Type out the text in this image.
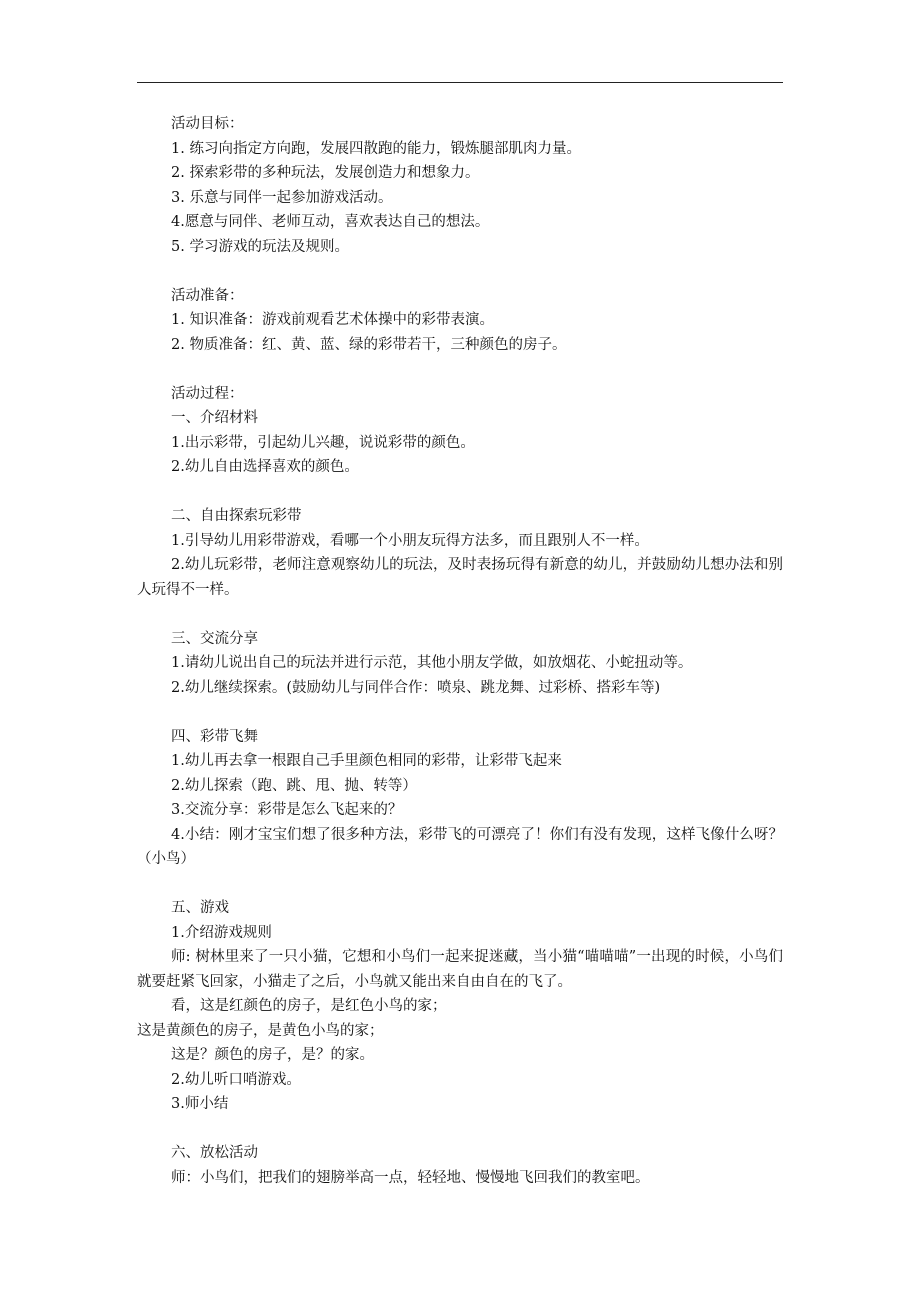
活动目标：
1. 练习向指定方向跑，发展四散跑的能力，锻炼腿部肌肉力量。
2. 探索彩带的多种玩法，发展创造力和想象力。
3. 乐意与同伴一起参加游戏活动。
4.愿意与同伴、老师互动，喜欢表达自己的想法。
5. 学习游戏的玩法及规则。
活动准备：
1. 知识准备：游戏前观看艺术体操中的彩带表演。
2. 物质准备：红、黄、蓝、绿的彩带若干，三种颜色的房子。
活动过程：
一、介绍材料
1.出示彩带，引起幼儿兴趣，说说彩带的颜色。
2.幼儿自由选择喜欢的颜色。
二、自由探索玩彩带
1.引导幼儿用彩带游戏，看哪一个小朋友玩得方法多，而且跟别人不一样。
2.幼儿玩彩带，老师注意观察幼儿的玩法，及时表扬玩得有新意的幼儿，并鼓励幼儿想办法和别人玩得不一样。
三、交流分享
1.请幼儿说出自己的玩法并进行示范，其他小朋友学做，如放烟花、小蛇扭动等。
2.幼儿继续探索。(鼓励幼儿与同伴合作：喷泉、跳龙舞、过彩桥、搭彩车等)
四、彩带飞舞
1.幼儿再去拿一根跟自己手里颜色相同的彩带，让彩带飞起来
2.幼儿探索（跑、跳、甩、抛、转等）
3.交流分享：彩带是怎么飞起来的？
4.小结：刚才宝宝们想了很多种方法，彩带飞的可漂亮了！你们有没有发现，这样飞像什么呀？（小鸟）
五、游戏
1.介绍游戏规则
师: 树林里来了一只小猫，它想和小鸟们一起来捉迷藏，当小猫“喵喵喵”一出现的时候，小鸟们就要赶紧飞回家，小猫走了之后，小鸟就又能出来自由自在的飞了。
看，这是红颜色的房子，是红色小鸟的家；
这是黄颜色的房子，是黄色小鸟的家；
这是？颜色的房子，是？的家。
2.幼儿听口哨游戏。
3.师小结
六、放松活动
师：小鸟们，把我们的翅膀举高一点，轻轻地、慢慢地飞回我们的教室吧。
